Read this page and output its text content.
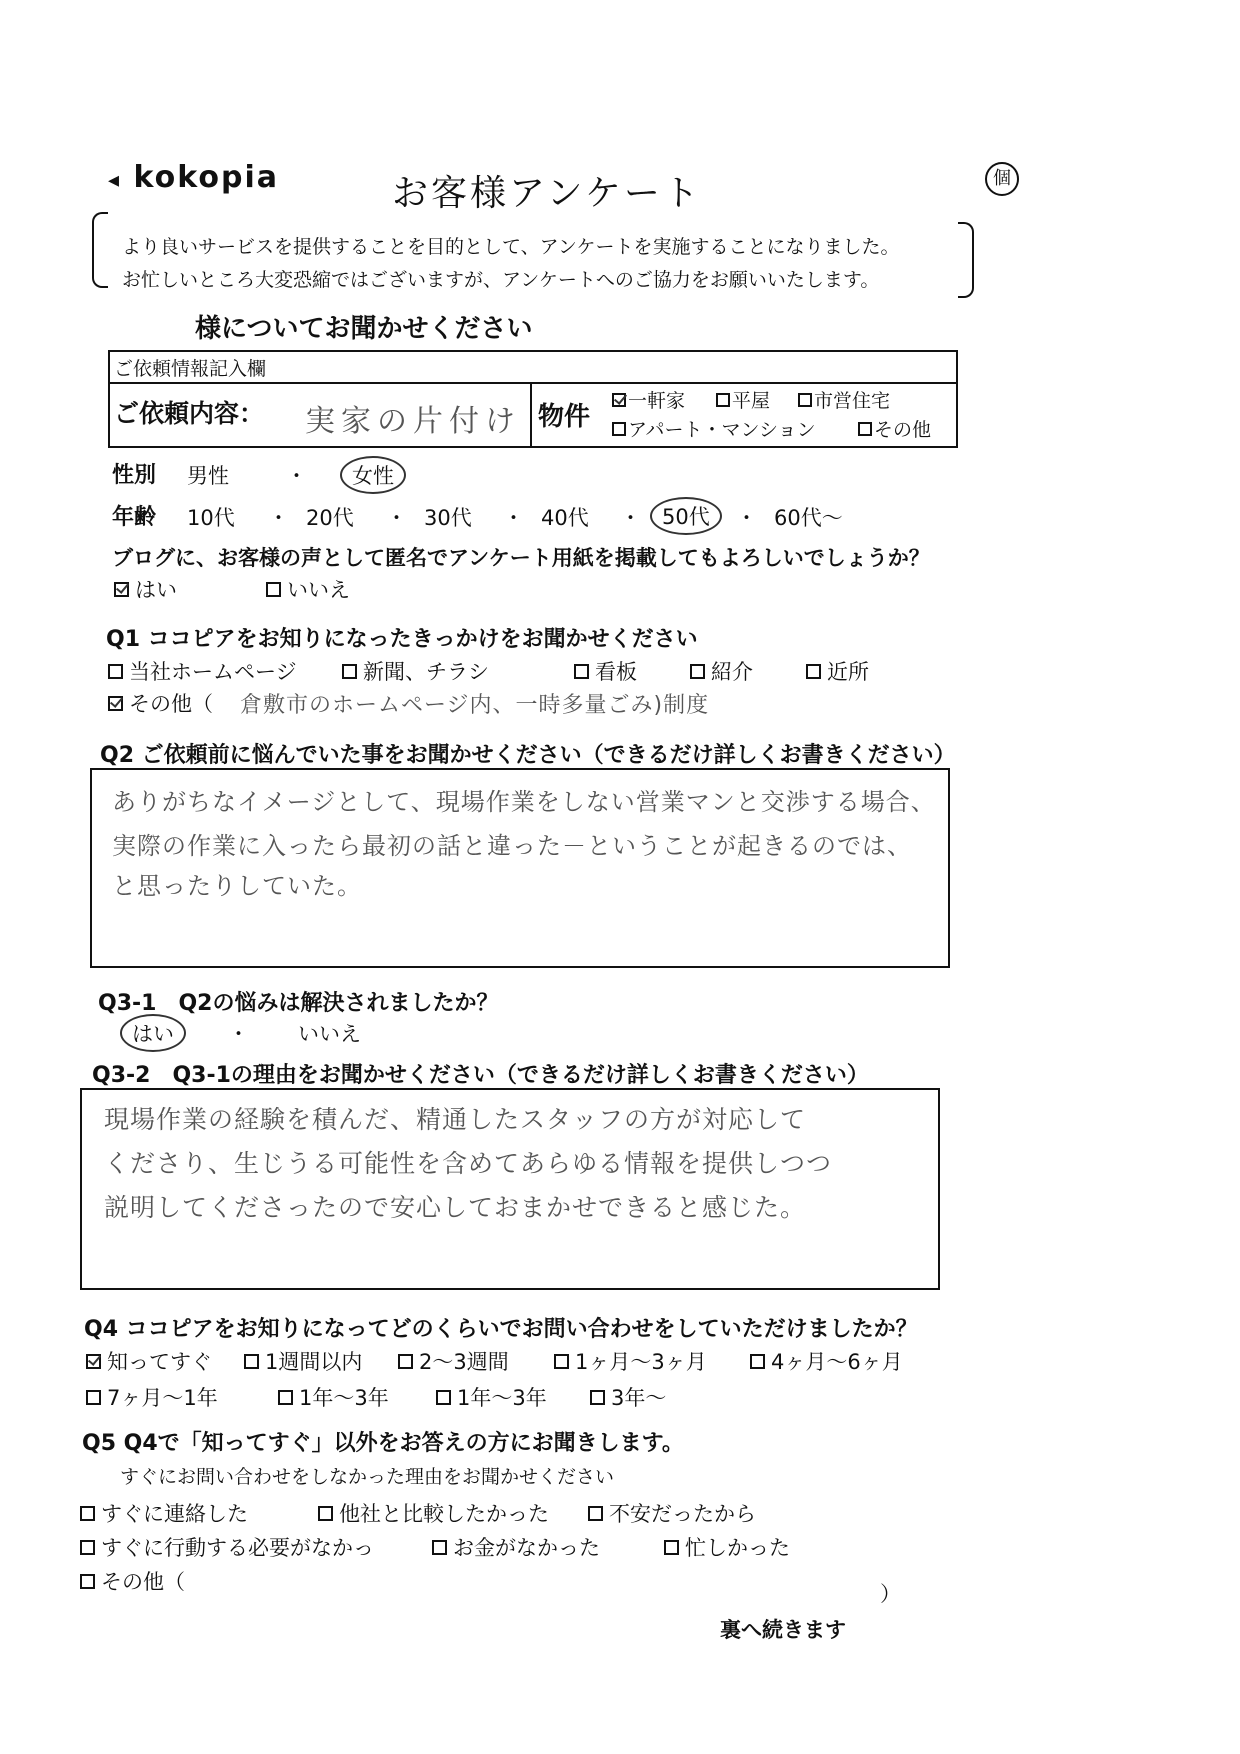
◂ kokopia	お客様アンケート	個
より良いサービスを提供することを目的として、アンケートを実施することになりました。
お忙しいところ大変恐縮ではございますが、アンケートへのご協力をお願いいたします。
様についてお聞かせください
ご依頼情報記入欄
ご依頼内容： 実家の片付け 物件
一軒家	平屋	市営住宅
アパート・マンション	その他
性別 男性	・	女性
年齢 10代 ・ 20代 ・ 30代 ・ 40代 ・	50代	・ 60代〜
ブログに、お客様の声として匿名でアンケート用紙を掲載してもよろしいでしょうか？
はい	いいえ
Q1 ココピアをお知りになったきっかけをお聞かせください
当社ホームページ	新聞、チラシ	看板	紹介	近所
その他（ 倉敷市のホームページ内、一時多量ごみ)制度
Q2 ご依頼前に悩んでいた事をお聞かせください（できるだけ詳しくお書きください）
ありがちなイメージとして、現場作業をしない営業マンと交渉する場合、
実際の作業に入ったら最初の話と違った－ということが起きるのでは、
と思ったりしていた。
Q3-1　Q2の悩みは解決されましたか？
はい	・ いいえ
Q3-2　Q3-1の理由をお聞かせください（できるだけ詳しくお書きください）
現場作業の経験を積んだ、精通したスタッフの方が対応して
くださり、生じうる可能性を含めてあらゆる情報を提供しつつ
説明してくださったので安心しておまかせできると感じた。
Q4 ココピアをお知りになってどのくらいでお問い合わせをしていただけましたか？
知ってすぐ	1週間以内	2〜3週間	1ヶ月〜3ヶ月	4ヶ月〜6ヶ月
7ヶ月〜1年	1年〜3年	1年〜3年	3年〜
Q5 Q4で「知ってすぐ」以外をお答えの方にお聞きします。
すぐにお問い合わせをしなかった理由をお聞かせください
すぐに連絡した	他社と比較したかった	不安だったから
すぐに行動する必要がなかっ	お金がなかった	忙しかった
その他（	）
裏へ続きます
